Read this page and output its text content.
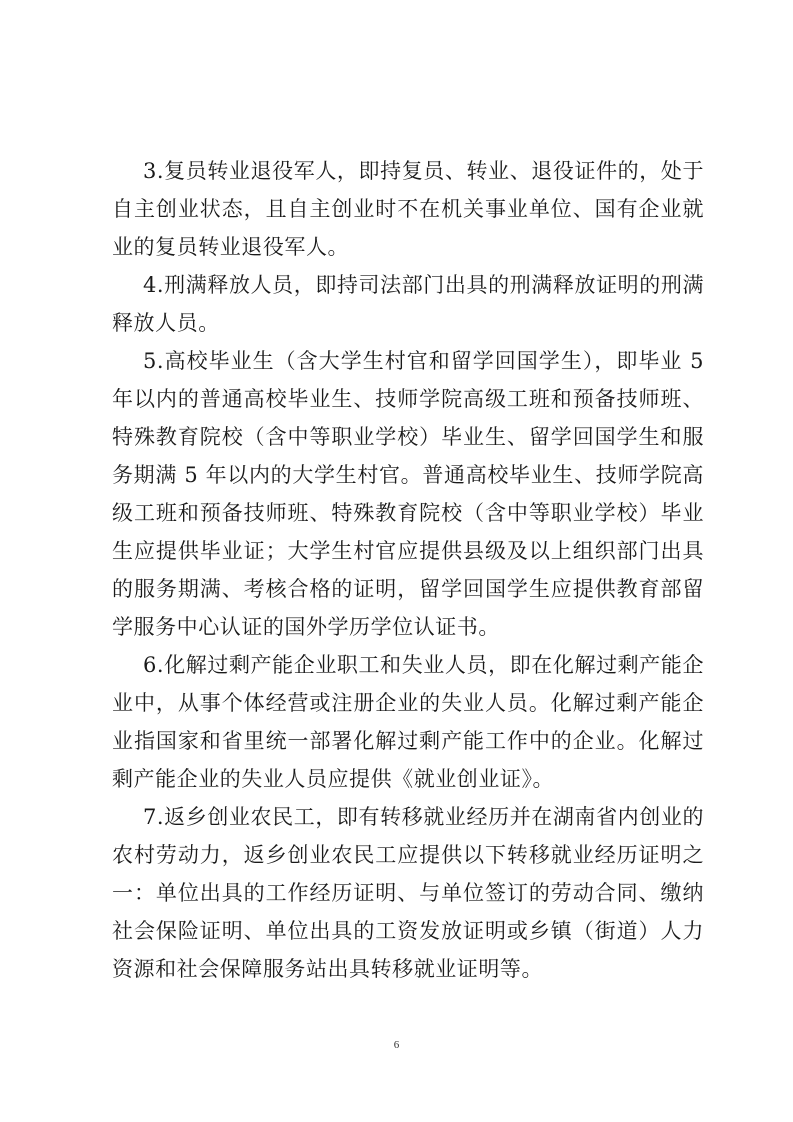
3.复员转业退役军人，即持复员、转业、退役证件的，处于自主创业状态，且自主创业时不在机关事业单位、国有企业就业的复员转业退役军人。

4.刑满释放人员，即持司法部门出具的刑满释放证明的刑满释放人员。

5.高校毕业生（含大学生村官和留学回国学生），即毕业 5 年以内的普通高校毕业生、技师学院高级工班和预备技师班、特殊教育院校（含中等职业学校）毕业生、留学回国学生和服务期满 5 年以内的大学生村官。普通高校毕业生、技师学院高级工班和预备技师班、特殊教育院校（含中等职业学校）毕业生应提供毕业证；大学生村官应提供县级及以上组织部门出具的服务期满、考核合格的证明，留学回国学生应提供教育部留学服务中心认证的国外学历学位认证书。

6.化解过剩产能企业职工和失业人员，即在化解过剩产能企业中，从事个体经营或注册企业的失业人员。化解过剩产能企业指国家和省里统一部署化解过剩产能工作中的企业。化解过剩产能企业的失业人员应提供《就业创业证》。

7.返乡创业农民工，即有转移就业经历并在湖南省内创业的农村劳动力，返乡创业农民工应提供以下转移就业经历证明之一：单位出具的工作经历证明、与单位签订的劳动合同、缴纳社会保险证明、单位出具的工资发放证明或乡镇（街道）人力资源和社会保障服务站出具转移就业证明等。

6
